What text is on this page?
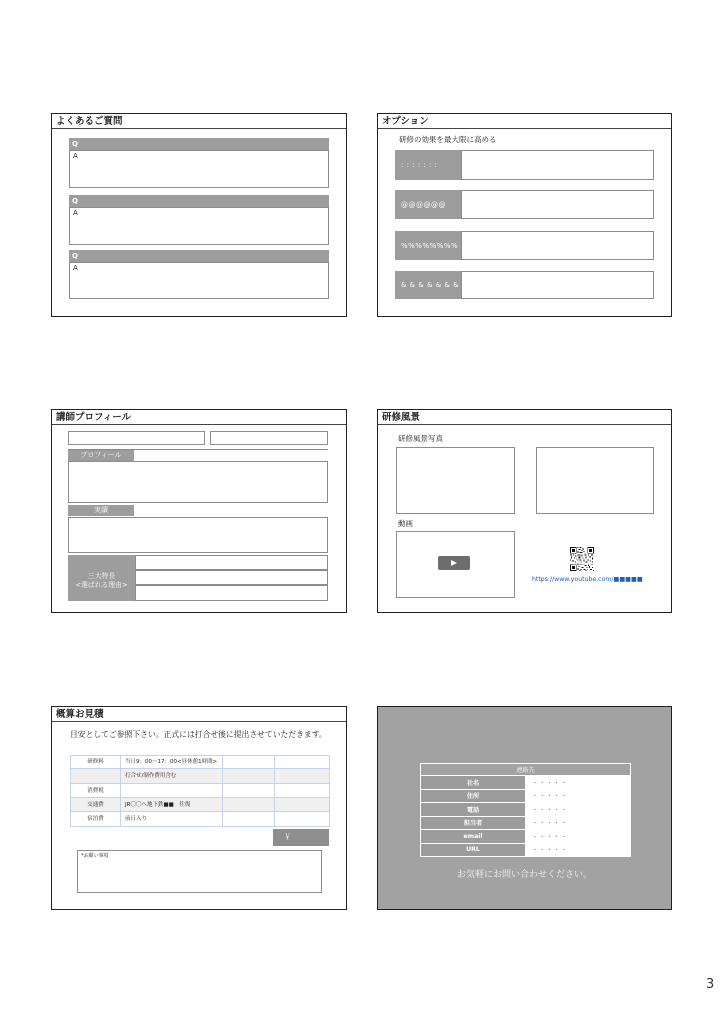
よくあるご質問
Q
A
Q
A
Q
A
オプション
研修の効果を最大限に高める
: : : : : : :
@@@@@@
%%%%%%%%
& & & & & & &
講師プロフィール
プロフィール
実績
三大特長
<選ばれる理由>
研修風景
研修風景写真
動画
https://www.youtube.com/■■■■■
概算お見積
目安としてご参照下さい。正式には打合せ後に提出させていただきます。
研修料	当日9：00〜17：00<昼休憩1時間>		
	打合せ/制作費用含む		
消費税			
交通費	JR〇〇へ地下鉄■■　往復		
宿泊費	前日入り		
￥
*お願い事項
連絡先	
社名	・・・・・
住所	・・・・・
電話	・・・・・
担当者	・・・・・
email	・・・・・
URL	・・・・・
お気軽にお問い合わせください。
3
